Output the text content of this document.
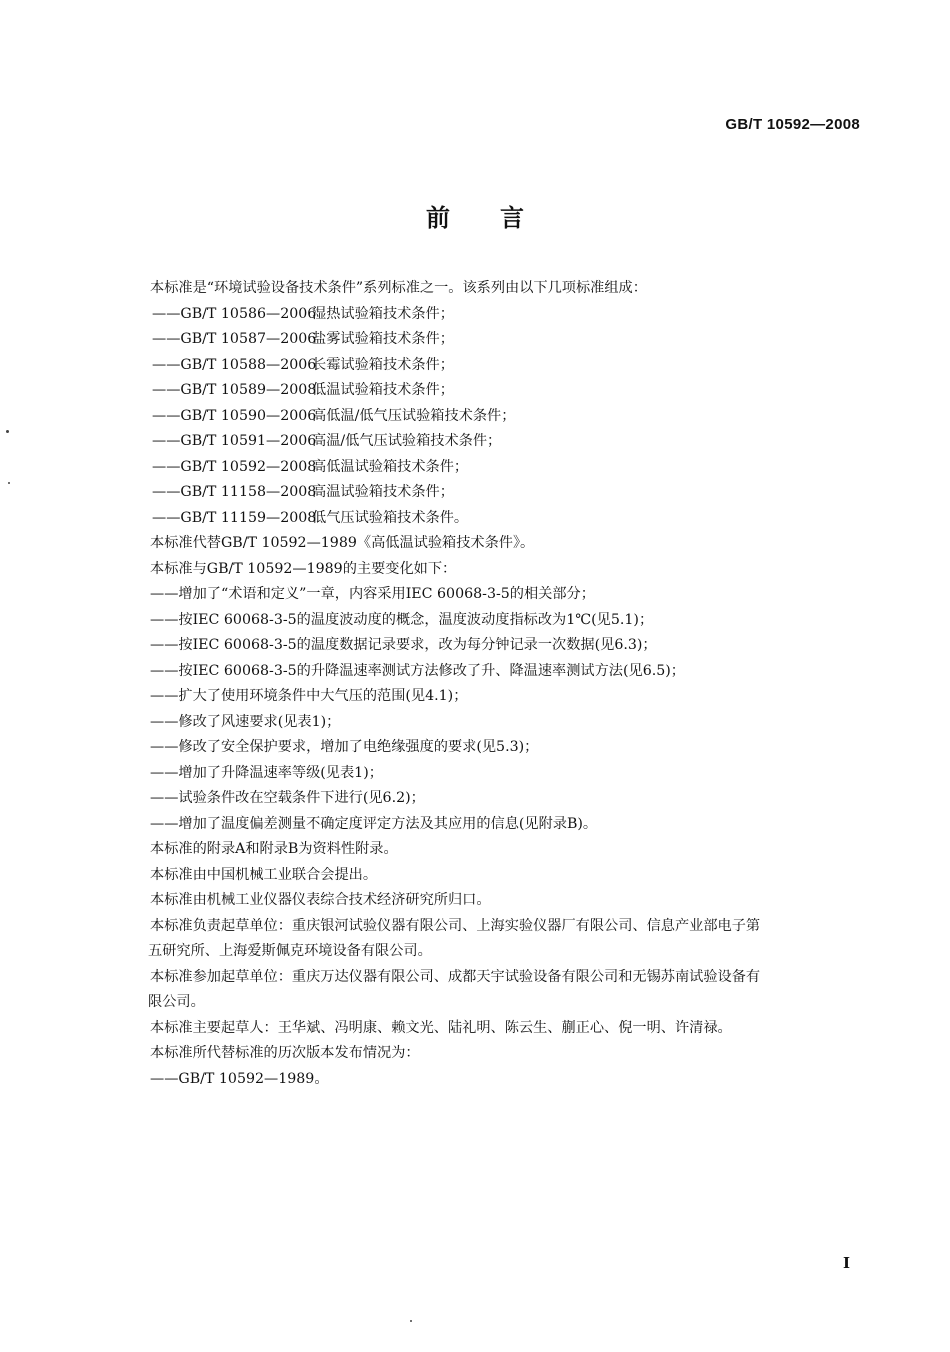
GB/T 10592—2008
前言
本标准是“环境试验设备技术条件”系列标准之一。该系列由以下几项标准组成：
——GB/T 10586—2006湿热试验箱技术条件；
——GB/T 10587—2006盐雾试验箱技术条件；
——GB/T 10588—2006长霉试验箱技术条件；
——GB/T 10589—2008低温试验箱技术条件；
——GB/T 10590—2006高低温/低气压试验箱技术条件；
——GB/T 10591—2006高温/低气压试验箱技术条件；
——GB/T 10592—2008高低温试验箱技术条件；
——GB/T 11158—2008高温试验箱技术条件；
——GB/T 11159—2008低气压试验箱技术条件。
本标准代替GB/T 10592—1989《高低温试验箱技术条件》。
本标准与GB/T 10592—1989的主要变化如下：
——增加了“术语和定义”一章，内容采用IEC 60068-3-5的相关部分；
——按IEC 60068-3-5的温度波动度的概念，温度波动度指标改为1℃(见5.1)；
——按IEC 60068-3-5的温度数据记录要求，改为每分钟记录一次数据(见6.3)；
——按IEC 60068-3-5的升降温速率测试方法修改了升、降温速率测试方法(见6.5)；
——扩大了使用环境条件中大气压的范围(见4.1)；
——修改了风速要求(见表1)；
——修改了安全保护要求，增加了电绝缘强度的要求(见5.3)；
——增加了升降温速率等级(见表1)；
——试验条件改在空载条件下进行(见6.2)；
——增加了温度偏差测量不确定度评定方法及其应用的信息(见附录B)。
本标准的附录A和附录B为资料性附录。
本标准由中国机械工业联合会提出。
本标准由机械工业仪器仪表综合技术经济研究所归口。
本标准负责起草单位：重庆银河试验仪器有限公司、上海实验仪器厂有限公司、信息产业部电子第
五研究所、上海爱斯佩克环境设备有限公司。
本标准参加起草单位：重庆万达仪器有限公司、成都天宇试验设备有限公司和无锡苏南试验设备有
限公司。
本标准主要起草人：王华斌、冯明康、赖文光、陆礼明、陈云生、蒯正心、倪一明、许清禄。
本标准所代替标准的历次版本发布情况为：
——GB/T 10592—1989。
I
